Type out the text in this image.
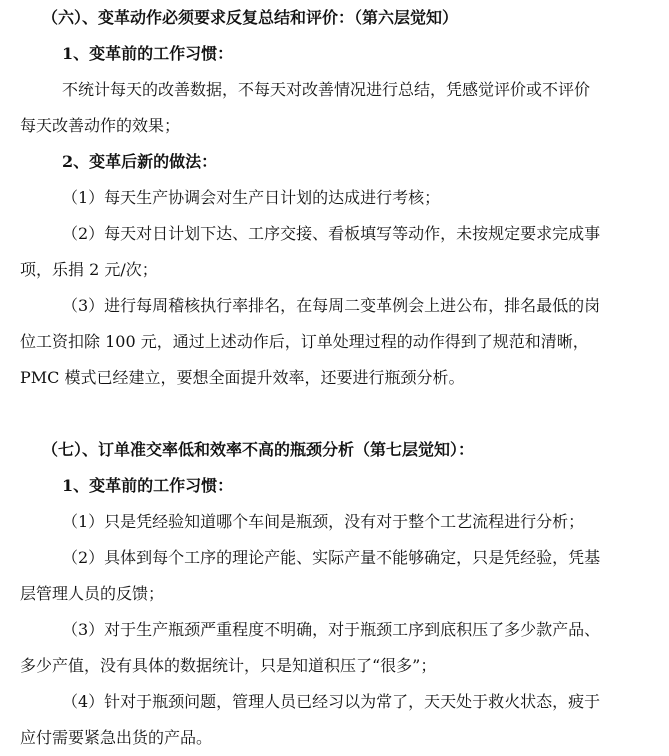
（六）、变革动作必须要求反复总结和评价：（第六层觉知）
1、变革前的工作习惯：
不统计每天的改善数据，不每天对改善情况进行总结，凭感觉评价或不评价
每天改善动作的效果；
2、变革后新的做法：
（1）每天生产协调会对生产日计划的达成进行考核；
（2）每天对日计划下达、工序交接、看板填写等动作，未按规定要求完成事
项，乐捐 2 元/次；
（3）进行每周稽核执行率排名，在每周二变革例会上进公布，排名最低的岗
位工资扣除 100 元，通过上述动作后，订单处理过程的动作得到了规范和清晰，
PMC 模式已经建立，要想全面提升效率，还要进行瓶颈分析。
（七）、订单准交率低和效率不高的瓶颈分析（第七层觉知）：
1、变革前的工作习惯：
（1）只是凭经验知道哪个车间是瓶颈，没有对于整个工艺流程进行分析；
（2）具体到每个工序的理论产能、实际产量不能够确定，只是凭经验，凭基
层管理人员的反馈；
（3）对于生产瓶颈严重程度不明确，对于瓶颈工序到底积压了多少款产品、
多少产值，没有具体的数据统计，只是知道积压了“很多”；
（4）针对于瓶颈问题，管理人员已经习以为常了，天天处于救火状态，疲于
应付需要紧急出货的产品。
